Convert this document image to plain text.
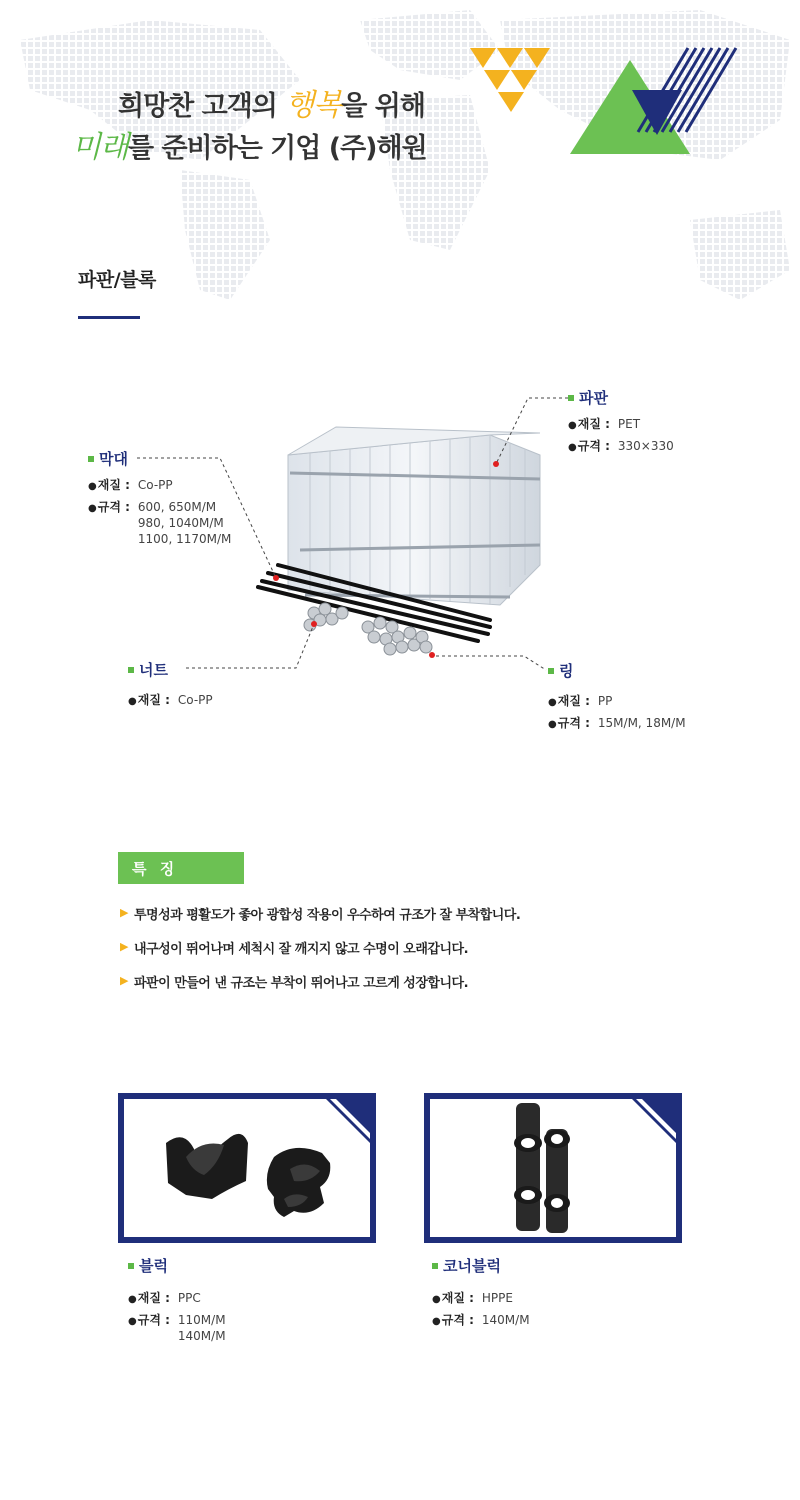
희망찬 고객의 행복을 위해
미래를 준비하는 기업 (주)해원
파판/블록
파판
●재질 : PET
●규격 : 330×330
막대
●재질 : Co-PP
●규격 : 600, 650M/M
980, 1040M/M
1100, 1170M/M
너트
●재질 : Co-PP
링
●재질 : PP
●규격 : 15M/M, 18M/M
특 징
▶ 투명성과 평활도가 좋아 광합성 작용이 우수하여 규조가 잘 부착합니다.
▶ 내구성이 뛰어나며 세척시 잘 깨지지 않고 수명이 오래갑니다.
▶ 파판이 만들어 낸 규조는 부착이 뛰어나고 고르게 성장합니다.
블럭
●재질 : PPC
●규격 : 110M/M
140M/M
코너블럭
●재질 : HPPE
●규격 : 140M/M
